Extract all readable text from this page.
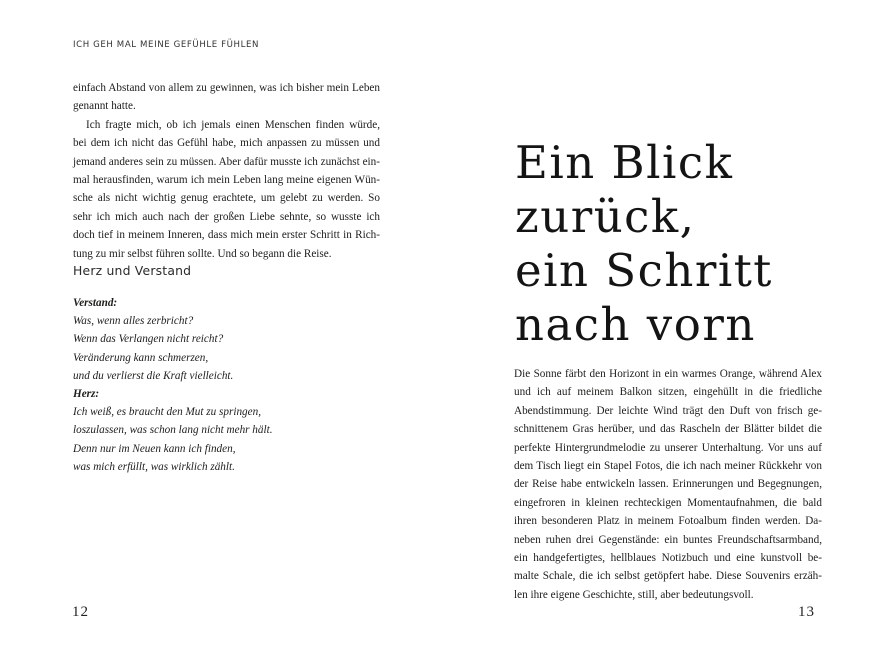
ICH GEH MAL MEINE GEFÜHLE FÜHLEN
einfach Abstand von allem zu gewinnen, was ich bisher mein Leben
genannt hatte.
Ich fragte mich, ob ich jemals einen Menschen finden würde,
bei dem ich nicht das Gefühl habe, mich anpassen zu müssen und
jemand anderes sein zu müssen. Aber dafür musste ich zunächst ein-
mal herausfinden, warum ich mein Leben lang meine eigenen Wün-
sche als nicht wichtig genug erachtete, um gelebt zu werden. So
sehr ich mich auch nach der großen Liebe sehnte, so wusste ich
doch tief in meinem Inneren, dass mich mein erster Schritt in Rich-
tung zu mir selbst führen sollte. Und so begann die Reise.
Herz und Verstand
Verstand:
Was, wenn alles zerbricht?
Wenn das Verlangen nicht reicht?
Veränderung kann schmerzen,
und du verlierst die Kraft vielleicht.
Herz:
Ich weiß, es braucht den Mut zu springen,
loszulassen, was schon lang nicht mehr hält.
Denn nur im Neuen kann ich finden,
was mich erfüllt, was wirklich zählt.
12
Ein Blick
zurück,
ein Schritt
nach vorn
Die Sonne färbt den Horizont in ein warmes Orange, während Alex
und ich auf meinem Balkon sitzen, eingehüllt in die friedliche
Abendstimmung. Der leichte Wind trägt den Duft von frisch ge-
schnittenem Gras herüber, und das Rascheln der Blätter bildet die
perfekte Hintergrundmelodie zu unserer Unterhaltung. Vor uns auf
dem Tisch liegt ein Stapel Fotos, die ich nach meiner Rückkehr von
der Reise habe entwickeln lassen. Erinnerungen und Begegnungen,
eingefroren in kleinen rechteckigen Momentaufnahmen, die bald
ihren besonderen Platz in meinem Fotoalbum finden werden. Da-
neben ruhen drei Gegenstände: ein buntes Freundschaftsarmband,
ein handgefertigtes, hellblaues Notizbuch und eine kunstvoll be-
malte Schale, die ich selbst getöpfert habe. Diese Souvenirs erzäh-
len ihre eigene Geschichte, still, aber bedeutungsvoll.
13
